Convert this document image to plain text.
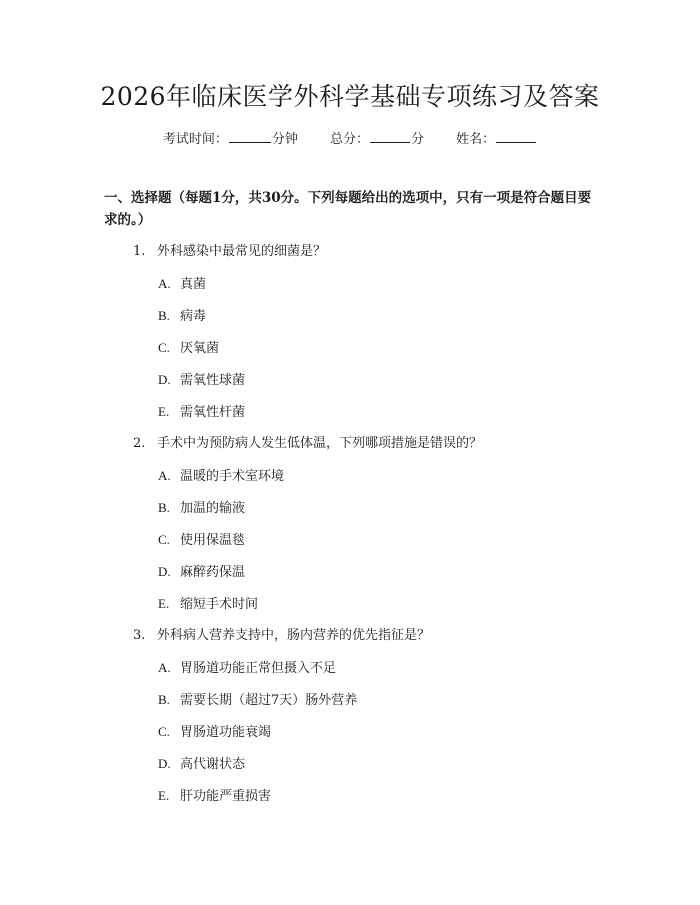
2026年临床医学外科学基础专项练习及答案
考试时间：	分钟 总分：	分 姓名：
一、选择题（每题1分，共30分。下列每题给出的选项中，只有一项是符合题目要求的。）
1. 外科感染中最常见的细菌是？
A. 真菌
B. 病毒
C. 厌氧菌
D. 需氧性球菌
E. 需氧性杆菌
2. 手术中为预防病人发生低体温，下列哪项措施是错误的？
A. 温暖的手术室环境
B. 加温的输液
C. 使用保温毯
D. 麻醉药保温
E. 缩短手术时间
3. 外科病人营养支持中，肠内营养的优先指征是？
A. 胃肠道功能正常但摄入不足
B. 需要长期（超过7天）肠外营养
C. 胃肠道功能衰竭
D. 高代谢状态
E. 肝功能严重损害
